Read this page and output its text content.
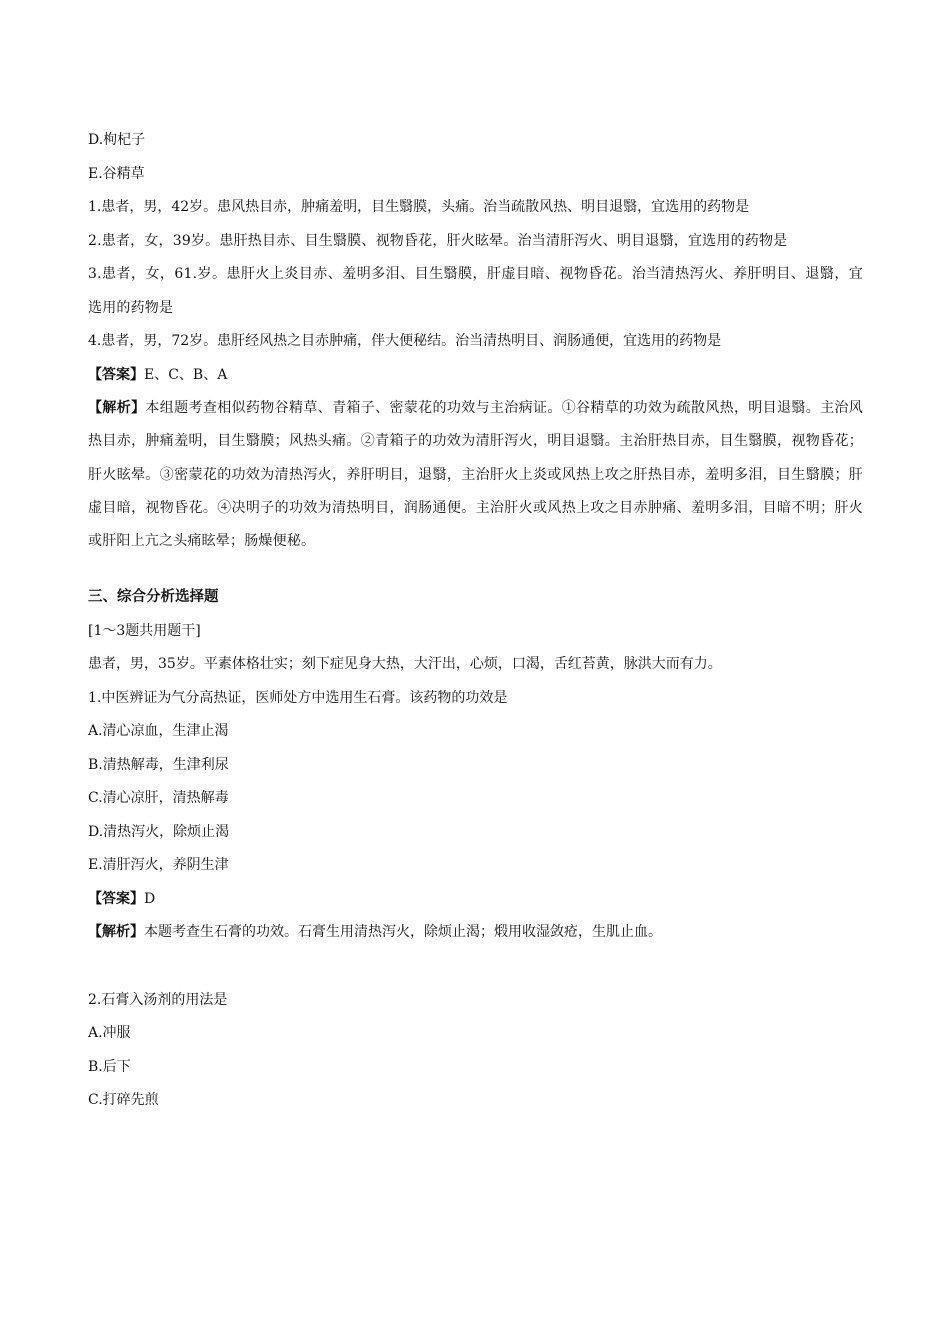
D.枸杞子
E.谷精草
1.患者，男，42岁。患风热目赤，肿痛羞明，目生翳膜，头痛。治当疏散风热、明目退翳，宜选用的药物是
2.患者，女，39岁。患肝热目赤、目生翳膜、视物昏花，肝火眩晕。治当清肝泻火、明目退翳，宜选用的药物是
3.患者，女，61.岁。患肝火上炎目赤、羞明多泪、目生翳膜，肝虚目暗、视物昏花。治当清热泻火、养肝明目、退翳，宜选用的药物是
4.患者，男，72岁。患肝经风热之目赤肿痛，伴大便秘结。治当清热明目、润肠通便，宜选用的药物是
【答案】E、C、B、A
【解析】本组题考查相似药物谷精草、青箱子、密蒙花的功效与主治病证。①谷精草的功效为疏散风热，明目退翳。主治风热目赤，肿痛羞明，目生翳膜；风热头痛。②青箱子的功效为清肝泻火，明目退翳。主治肝热目赤，目生翳膜，视物昏花；肝火眩晕。③密蒙花的功效为清热泻火，养肝明目，退翳，主治肝火上炎或风热上攻之肝热目赤，羞明多泪，目生翳膜；肝虚目暗，视物昏花。④决明子的功效为清热明目，润肠通便。主治肝火或风热上攻之目赤肿痛、羞明多泪，目暗不明；肝火或肝阳上亢之头痛眩晕；肠燥便秘。
三、综合分析选择题
[1～3题共用题干]
患者，男，35岁。平素体格壮实；刻下症见身大热，大汗出，心烦，口渴，舌红苔黄，脉洪大而有力。
1.中医辨证为气分高热证，医师处方中选用生石膏。该药物的功效是
A.清心凉血，生津止渴
B.清热解毒，生津利尿
C.清心凉肝，清热解毒
D.清热泻火，除烦止渴
E.清肝泻火，养阴生津
【答案】D
【解析】本题考查生石膏的功效。石膏生用清热泻火，除烦止渴；煅用收湿敛疮，生肌止血。
2.石膏入汤剂的用法是
A.冲服
B.后下
C.打碎先煎
